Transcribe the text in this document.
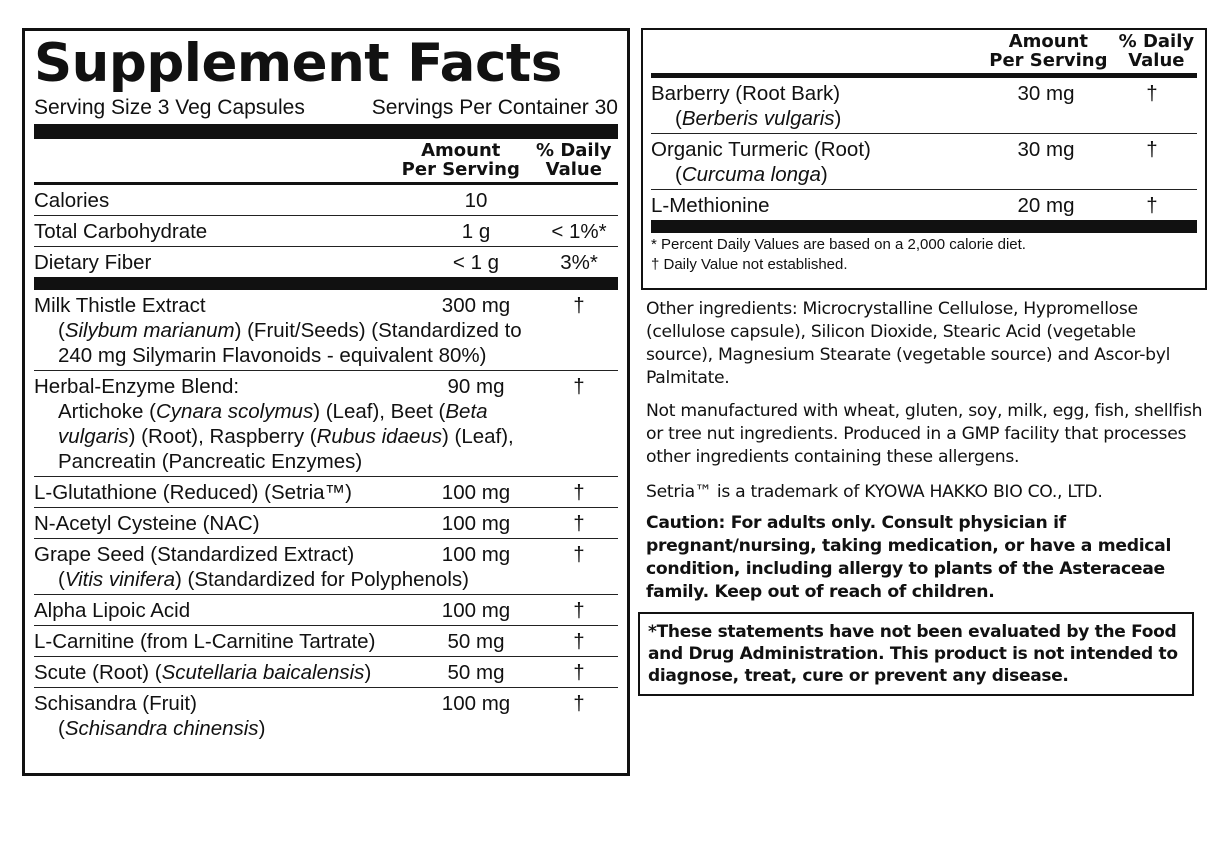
Supplement Facts
Serving Size 3 Veg Capsules	Servings Per Container 30
Amount
Per Serving
% Daily
Value
Calories	10
Total Carbohydrate	1 g	< 1%*
Dietary Fiber	< 1 g	3%*
Milk Thistle Extract
(Silybum marianum) (Fruit/Seeds) (Standardized to
240 mg Silymarin Flavonoids - equivalent 80%)
300 mg	†
Herbal-Enzyme Blend:
Artichoke (Cynara scolymus) (Leaf), Beet (Beta
vulgaris) (Root), Raspberry (Rubus idaeus) (Leaf),
Pancreatin (Pancreatic Enzymes)
90 mg	†
L-Glutathione (Reduced) (Setria™)	100 mg	†
N-Acetyl Cysteine (NAC)	100 mg	†
Grape Seed (Standardized Extract)
(Vitis vinifera) (Standardized for Polyphenols)
100 mg	†
Alpha Lipoic Acid	100 mg	†
L-Carnitine (from L-Carnitine Tartrate)	50 mg	†
Scute (Root) (Scutellaria baicalensis)	50 mg	†
Schisandra (Fruit)
(Schisandra chinensis)
100 mg	†
Amount
Per Serving
% Daily
Value
Barberry (Root Bark)
(Berberis vulgaris)
30 mg	†
Organic Turmeric (Root)
(Curcuma longa)
30 mg	†
L-Methionine	20 mg	†
* Percent Daily Values are based on a 2,000 calorie diet.
† Daily Value not established.
Other ingredients: Microcrystalline Cellulose, Hypromellose (cellulose capsule), Silicon Dioxide, Stearic Acid (vegetable source), Magnesium Stearate (vegetable source) and Ascor-byl Palmitate.
Not manufactured with wheat, gluten, soy, milk, egg, fish, shellfish or tree nut ingredients. Produced in a GMP facility that processes other ingredients containing these allergens.
Setria™ is a trademark of KYOWA HAKKO BIO CO., LTD.
Caution: For adults only. Consult physician if pregnant/nursing, taking medication, or have a medical condition, including allergy to plants of the Asteraceae family. Keep out of reach of children.
*These statements have not been evaluated by the Food and Drug Administration. This product is not intended to diagnose, treat, cure or prevent any disease.
